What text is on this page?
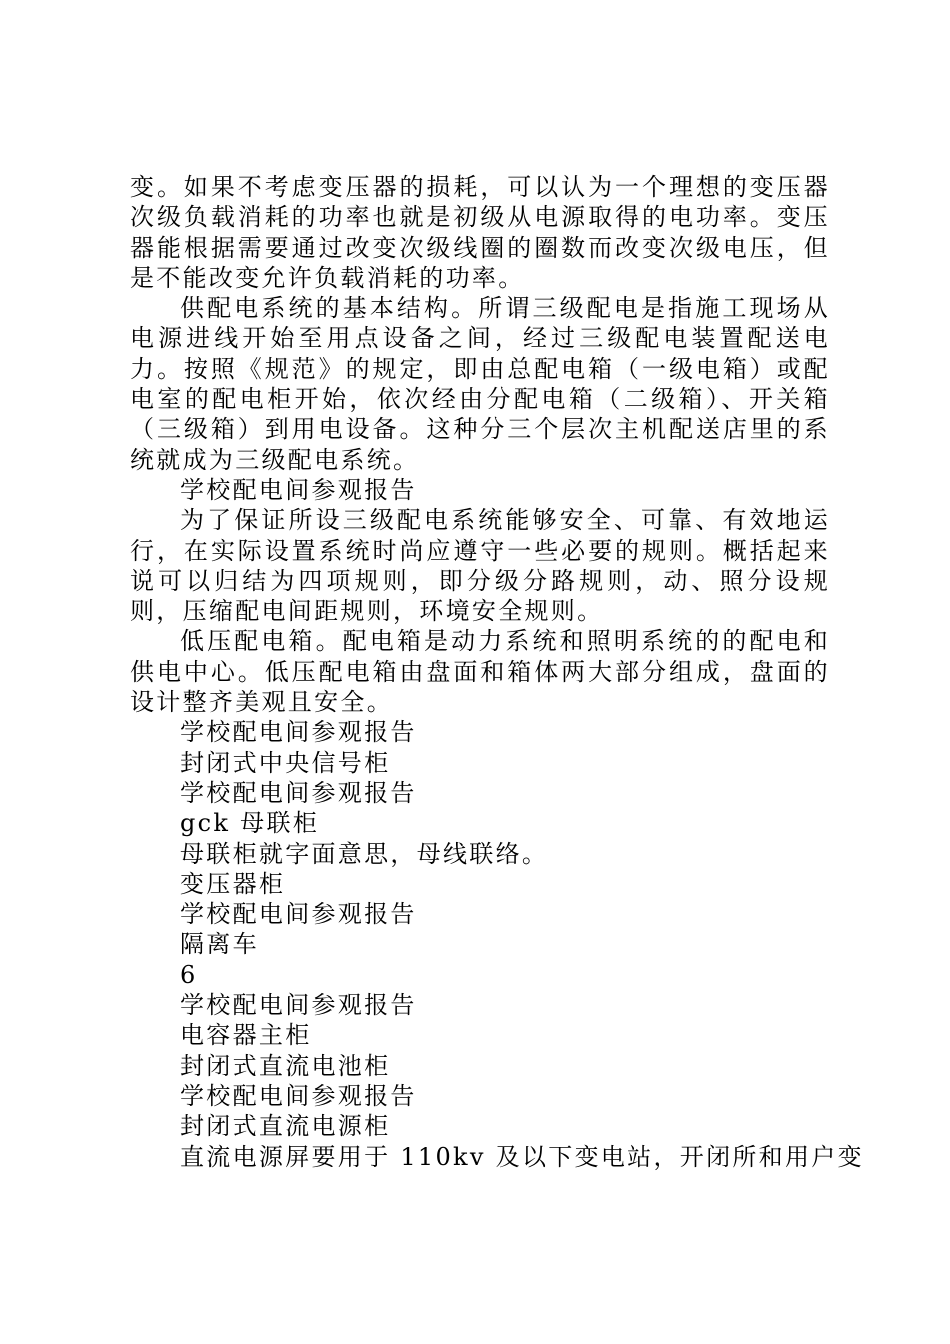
变。如果不考虑变压器的损耗，可以认为一个理想的变压器次级负载消耗的功率也就是初级从电源取得的电功率。变压器能根据需要通过改变次级线圈的圈数而改变次级电压，但是不能改变允许负载消耗的功率。

供配电系统的基本结构。所谓三级配电是指施工现场从电源进线开始至用点设备之间，经过三级配电装置配送电力。按照《规范》的规定，即由总配电箱（一级电箱）或配电室的配电柜开始，依次经由分配电箱（二级箱）、开关箱（三级箱）到用电设备。这种分三个层次主机配送店里的系统就成为三级配电系统。

学校配电间参观报告

为了保证所设三级配电系统能够安全、可靠、有效地运行，在实际设置系统时尚应遵守一些必要的规则。概括起来说可以归结为四项规则，即分级分路规则，动、照分设规则，压缩配电间距规则，环境安全规则。

低压配电箱。配电箱是动力系统和照明系统的的配电和供电中心。低压配电箱由盘面和箱体两大部分组成，盘面的设计整齐美观且安全。

学校配电间参观报告

封闭式中央信号柜

学校配电间参观报告

gck 母联柜

母联柜就字面意思，母线联络。

变压器柜

学校配电间参观报告

隔离车

6

学校配电间参观报告

电容器主柜

封闭式直流电池柜

学校配电间参观报告

封闭式直流电源柜

直流电源屏要用于 110kv 及以下变电站，开闭所和用户变
